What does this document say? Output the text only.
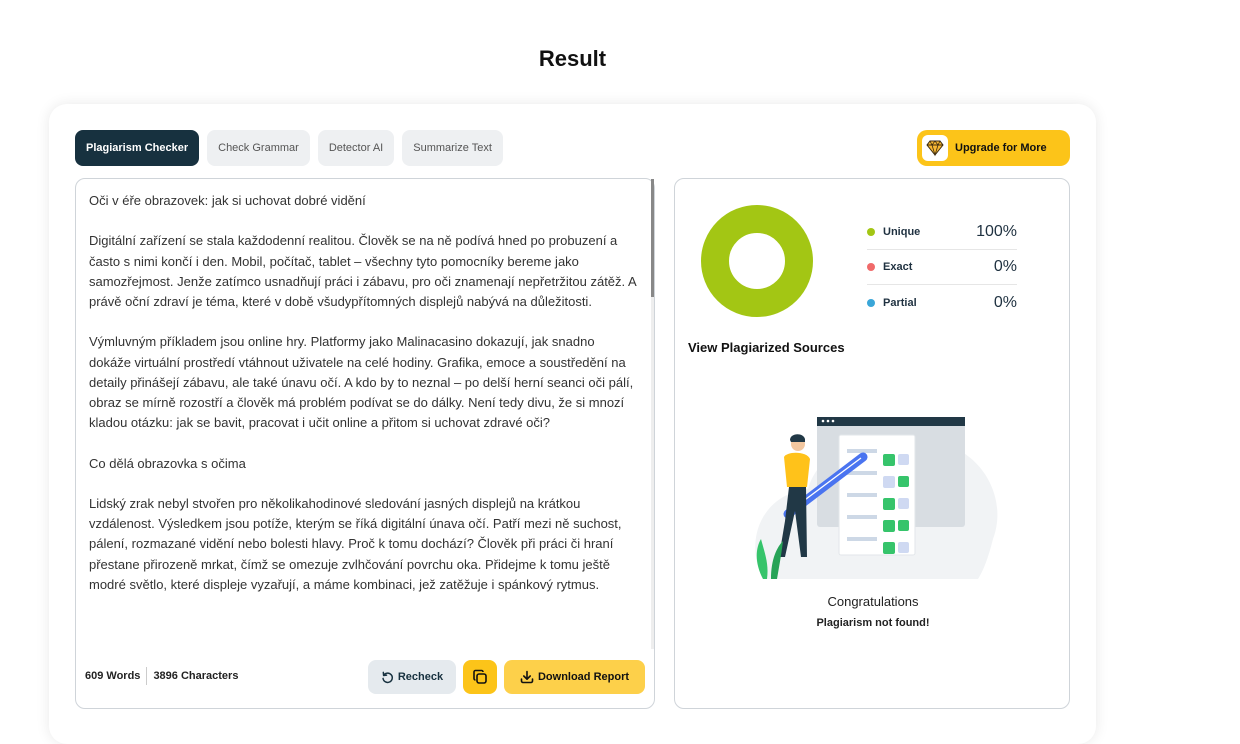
Result
Plagiarism Checker	Check Grammar	Detector AI	Summarize Text	Upgrade for More
Oči v éře obrazovek: jak si uchovat dobré vidění

Digitální zařízení se stala každodenní realitou. Člověk se na ně podívá hned po probuzení a často s nimi končí i den. Mobil, počítač, tablet – všechny tyto pomocníky bereme jako samozřejmost. Jenže zatímco usnadňují práci i zábavu, pro oči znamenají nepřetržitou zátěž. A právě oční zdraví je téma, které v době všudypřítomných displejů nabývá na důležitosti.

Výmluvným příkladem jsou online hry. Platformy jako Malinacasino dokazují, jak snadno dokáže virtuální prostředí vtáhnout uživatele na celé hodiny. Grafika, emoce a soustředění na detaily přinášejí zábavu, ale také únavu očí. A kdo by to neznal – po delší herní seanci oči pálí, obraz se mírně rozostří a člověk má problém podívat se do dálky. Není tedy divu, že si mnozí kladou otázku: jak se bavit, pracovat i učit online a přitom si uchovat zdravé oči?

Co dělá obrazovka s očima

Lidský zrak nebyl stvořen pro několikahodinové sledování jasných displejů na krátkou vzdálenost. Výsledkem jsou potíže, kterým se říká digitální únava očí. Patří mezi ně suchost, pálení, rozmazané vidění nebo bolesti hlavy. Proč k tomu dochází? Člověk při práci či hraní přestane přirozeně mrkat, čímž se omezuje zvlhčování povrchu oka. Přidejme k tomu ještě modré světlo, které displeje vyzařují, a máme kombinaci, jež zatěžuje i spánkový rytmus.
609 Words 3896 Characters	Recheck	Download Report
Unique	100%
Exact	0%
Partial	0%
View Plagiarized Sources
Congratulations
Plagiarism not found!
